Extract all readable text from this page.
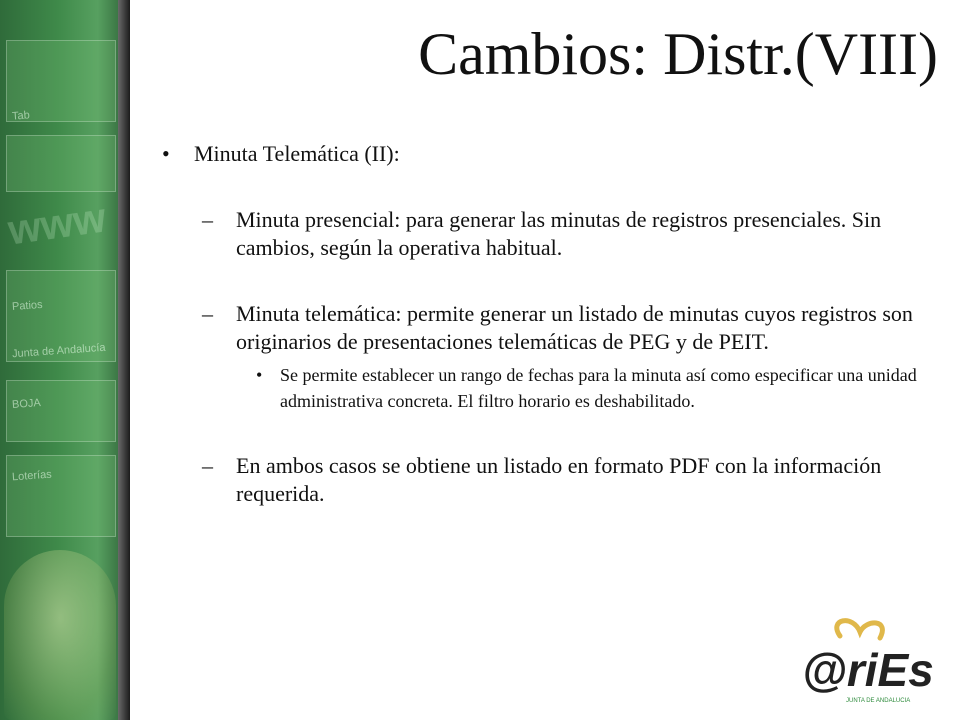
Tab
Patios
Junta de Andalucía
BOJA
Loterías
www
Cambios: Distr.(VIII)
• Minuta Telemática (II):
– Minuta presencial: para generar las minutas de registros presenciales. Sin cambios, según la operativa habitual.
– Minuta telemática: permite generar un listado de minutas cuyos registros son originarios de presentaciones telemáticas de PEG y de PEIT.
• Se permite establecer un rango de fechas para la minuta así como especificar una unidad administrativa concreta. El filtro horario es deshabilitado.
– En ambos casos se obtiene un listado en formato PDF con la información requerida.
@riEs
JUNTA DE ANDALUCIA
